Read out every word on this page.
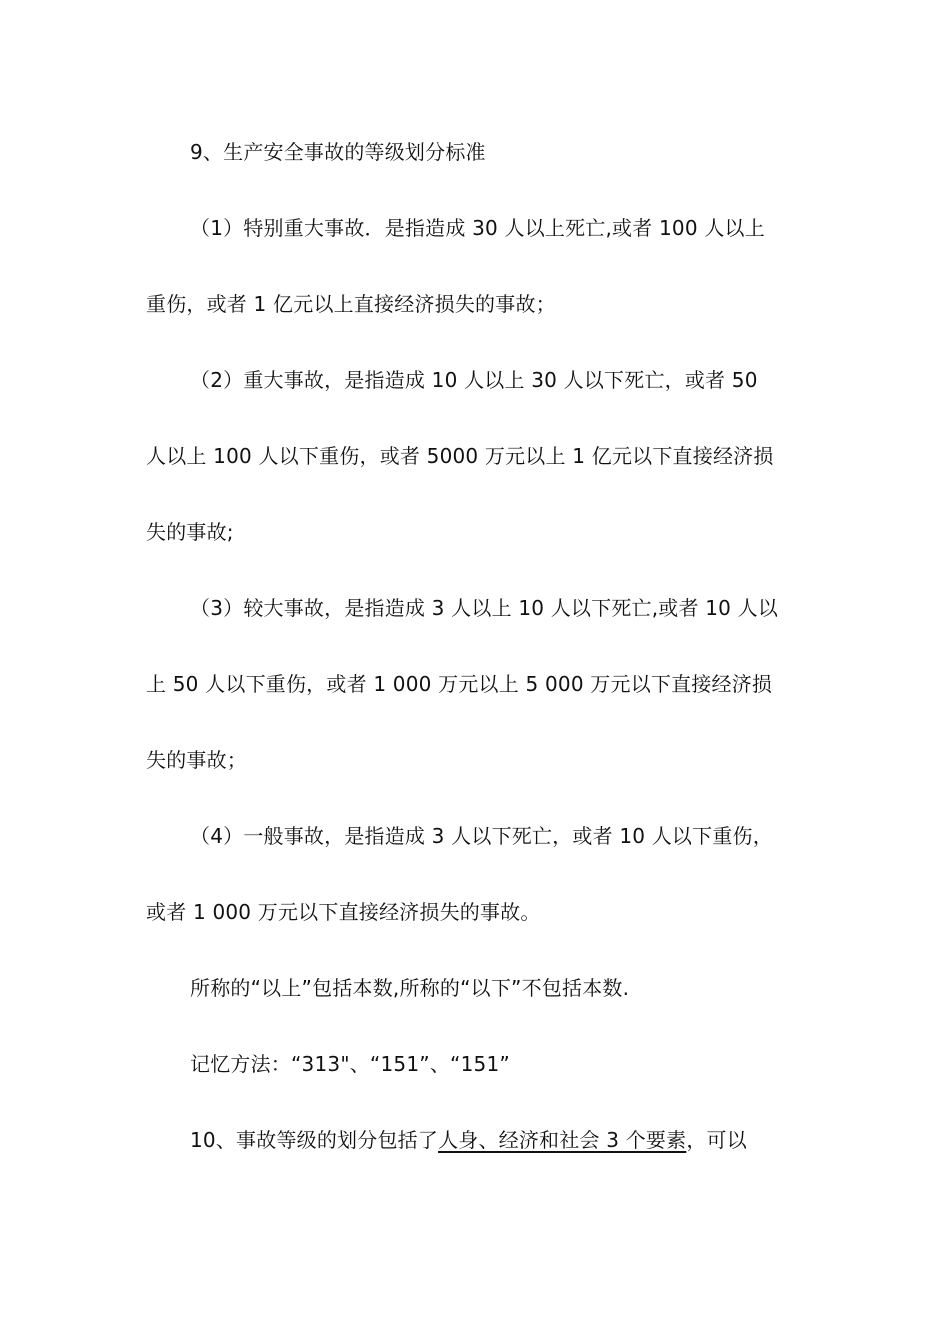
9、生产安全事故的等级划分标准
（1）特别重大事故．是指造成 30 人以上死亡,或者 100 人以上
重伤，或者 1 亿元以上直接经济损失的事故；
（2）重大事故，是指造成 10 人以上 30 人以下死亡，或者 50
人以上 100 人以下重伤，或者 5000 万元以上 1 亿元以下直接经济损
失的事故;
（3）较大事故，是指造成 3 人以上 10 人以下死亡,或者 10 人以
上 50 人以下重伤，或者 1 000 万元以上 5 000 万元以下直接经济损
失的事故；
（4）一般事故，是指造成 3 人以下死亡，或者 10 人以下重伤，
或者 1 000 万元以下直接经济损失的事故。
所称的“以上”包括本数,所称的“以下”不包括本数.
记忆方法：“313"、“151”、“151”
10、事故等级的划分包括了人身、经济和社会 3 个要素，可以
